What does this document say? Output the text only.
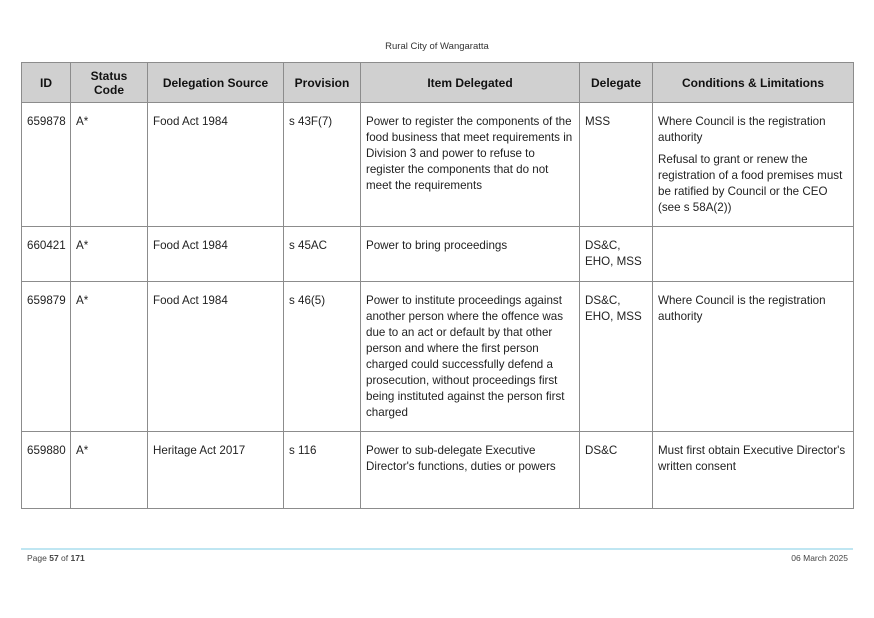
Rural City of Wangaratta
ID	Status Code	Delegation Source	Provision	Item Delegated	Delegate	Conditions & Limitations
659878	A*	Food Act 1984	s 43F(7)	Power to register the components of the food business that meet requirements in Division 3 and power to refuse to register the components that do not meet the requirements	MSS	Where Council is the registration authority

Refusal to grant or renew the registration of a food premises must be ratified by Council or the CEO (see s 58A(2))

660421	A*	Food Act 1984	s 45AC	Power to bring proceedings	DS&C, EHO, MSS	
659879	A*	Food Act 1984	s 46(5)	Power to institute proceedings against another person where the offence was due to an act or default by that other person and where the first person charged could successfully defend a prosecution, without proceedings first being instituted against the person first charged	DS&C, EHO, MSS	Where Council is the registration authority

659880	A*	Heritage Act 2017	s 116	Power to sub-delegate Executive Director's functions, duties or powers	DS&C	Must first obtain Executive Director's written consent

Page 57 of 171	06 March 2025
